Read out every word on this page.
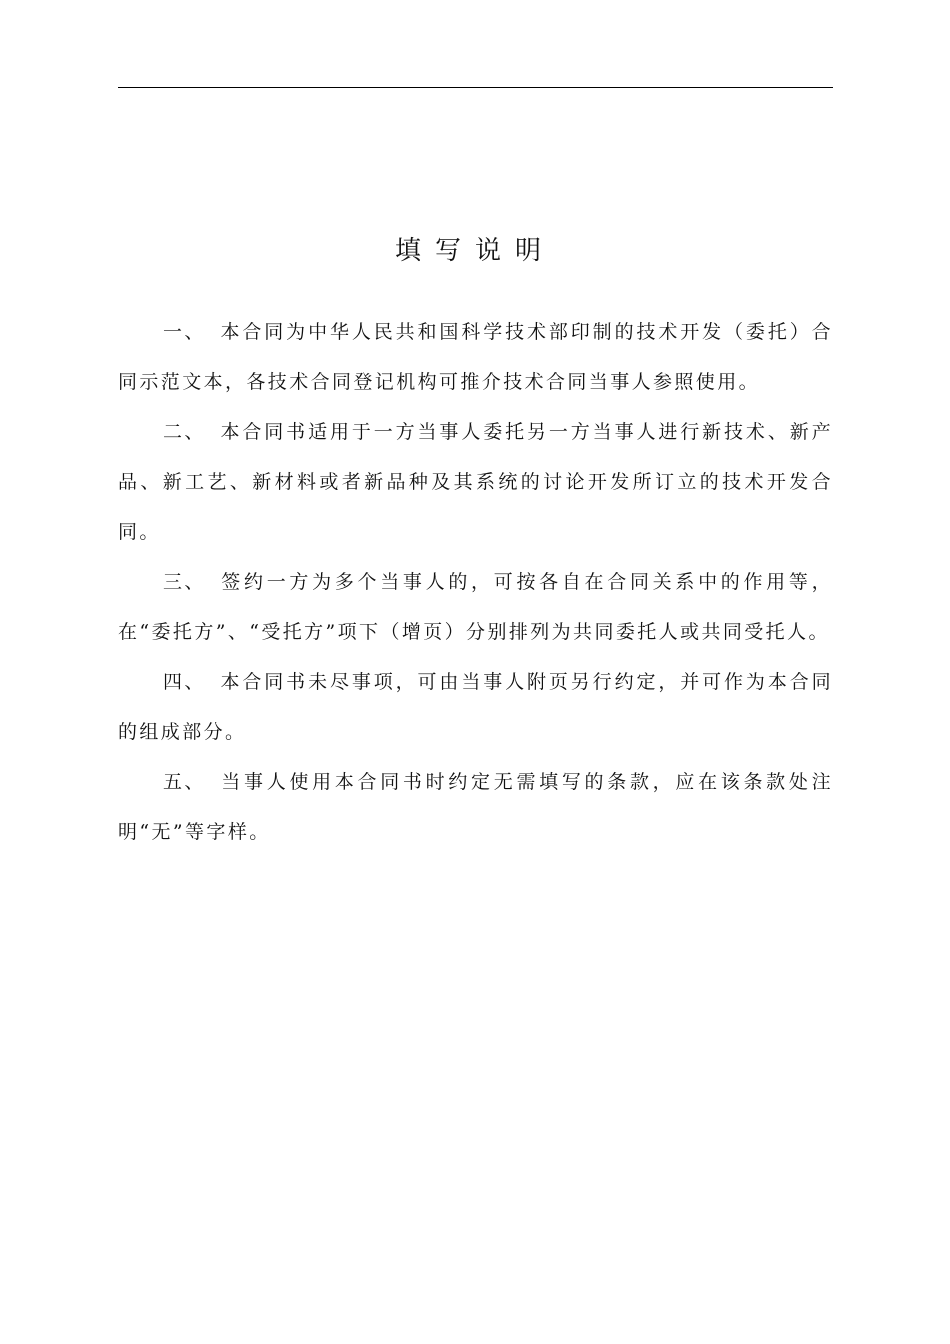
填写说明

一、 本合同为中华人民共和国科学技术部印制的技术开发（委托）合同示范文本，各技术合同登记机构可推介技术合同当事人参照使用。

二、 本合同书适用于一方当事人委托另一方当事人进行新技术、新产品、新工艺、新材料或者新品种及其系统的讨论开发所订立的技术开发合同。

三、 签约一方为多个当事人的，可按各自在合同关系中的作用等，在“委托方”、“受托方”项下（增页）分别排列为共同委托人或共同受托人。

四、 本合同书未尽事项，可由当事人附页另行约定，并可作为本合同的组成部分。

五、 当事人使用本合同书时约定无需填写的条款，应在该条款处注明“无”等字样。
